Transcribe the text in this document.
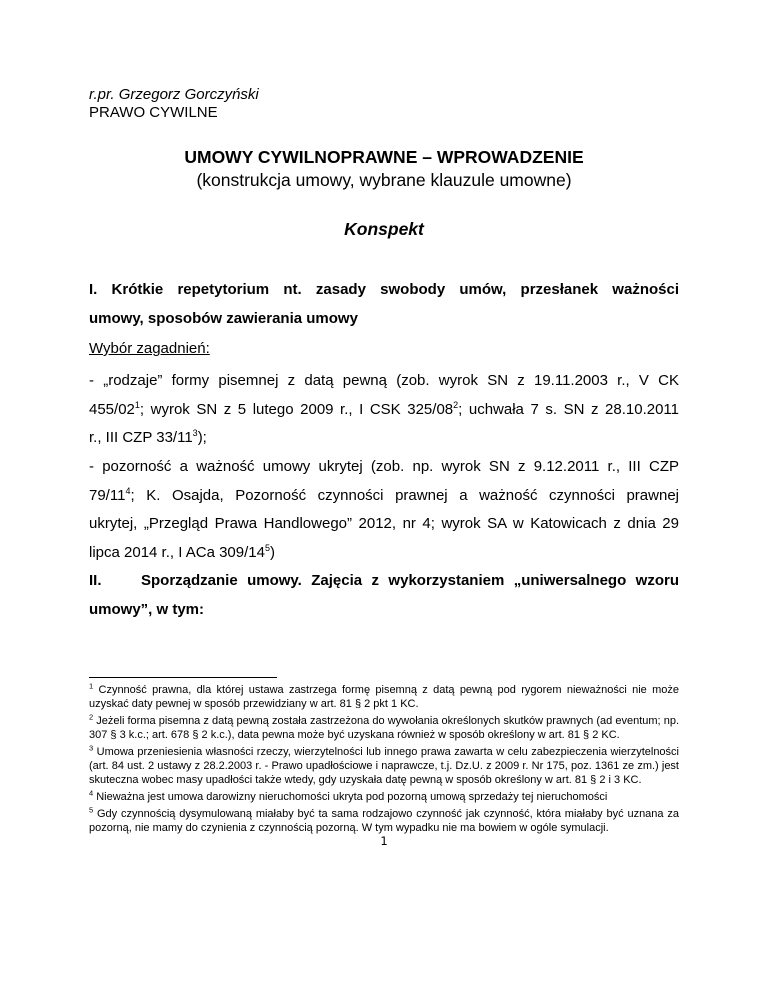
r.pr. Grzegorz Gorczyński
PRAWO CYWILNE
UMOWY CYWILNOPRAWNE – WPROWADZENIE
(konstrukcja umowy, wybrane klauzule umowne)
Konspekt
I. Krótkie repetytorium nt. zasady swobody umów, przesłanek ważności
umowy, sposobów zawierania umowy
Wybór zagadnień:
- „rodzaje” formy pisemnej z datą pewną (zob. wyrok SN z 19.11.2003 r., V CK
$455/02^1$; wyrok SN z 5 lutego 2009 r., I CSK $325/08^2$; uchwała 7 s. SN z 28.10.2011
r., III CZP $33/11^3$);
- pozorność a ważność umowy ukrytej (zob. np. wyrok SN z 9.12.2011 r., III CZP
$79/11^4$; K. Osajda, Pozorność czynności prawnej a ważność czynności prawnej
ukrytej, „Przegląd Prawa Handlowego” 2012, nr 4; wyrok SA w Katowicach z dnia 29
lipca 2014 r., I ACa $309/14^5$)
II.	Sporządzanie umowy. Zajęcia z wykorzystaniem „uniwersalnego wzoru
umowy”, w tym:
$^1$ Czynność prawna, dla której ustawa zastrzega formę pisemną z datą pewną pod rygorem nieważności nie może uzyskać daty pewnej w sposób przewidziany w art. 81 § 2 pkt 1 KC.
$^2$ Jeżeli forma pisemna z datą pewną została zastrzeżona do wywołania określonych skutków prawnych (ad eventum; np. 307 § 3 k.c.; art. 678 § 2 k.c.), data pewna może być uzyskana również w sposób określony w art. 81 § 2 KC.
$^3$ Umowa przeniesienia własności rzeczy, wierzytelności lub innego prawa zawarta w celu zabezpieczenia wierzytelności (art. 84 ust. 2 ustawy z 28.2.2003 r. - Prawo upadłościowe i naprawcze, t.j. Dz.U. z 2009 r. Nr 175, poz. 1361 ze zm.) jest skuteczna wobec masy upadłości także wtedy, gdy uzyskała datę pewną w sposób określony w art. 81 § 2 i 3 KC.
$^4$ Nieważna jest umowa darowizny nieruchomości ukryta pod pozorną umową sprzedaży tej nieruchomości
$^5$ Gdy czynnością dysymulowaną miałaby być ta sama rodzajowo czynność jak czynność, która miałaby być uznana za pozorną, nie mamy do czynienia z czynnością pozorną. W tym wypadku nie ma bowiem w ogóle symulacji.
1
